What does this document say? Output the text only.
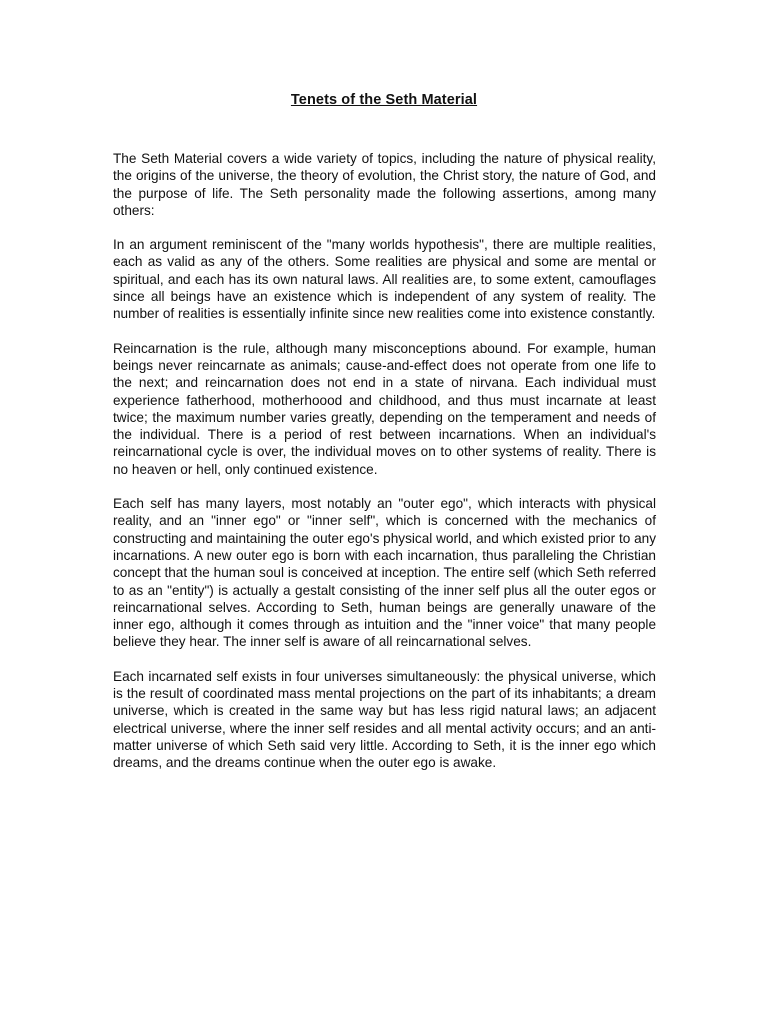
Tenets of the Seth Material

The Seth Material covers a wide variety of topics, including the nature of physical reality, the origins of the universe, the theory of evolution, the Christ story, the nature of God, and the purpose of life. The Seth personality made the following assertions, among many others:

In an argument reminiscent of the "many worlds hypothesis", there are multiple realities, each as valid as any of the others. Some realities are physical and some are mental or spiritual, and each has its own natural laws. All realities are, to some extent, camouflages since all beings have an existence which is independent of any system of reality. The number of realities is essentially infinite since new realities come into existence constantly.

Reincarnation is the rule, although many misconceptions abound. For example, human beings never reincarnate as animals; cause-and-effect does not operate from one life to the next; and reincarnation does not end in a state of nirvana. Each individual must experience fatherhood, motherhoood and childhood, and thus must incarnate at least twice; the maximum number varies greatly, depending on the temperament and needs of the individual. There is a period of rest between incarnations. When an individual's reincarnational cycle is over, the individual moves on to other systems of reality. There is no heaven or hell, only continued existence.

Each self has many layers, most notably an "outer ego", which interacts with physical reality, and an "inner ego" or "inner self", which is concerned with the mechanics of constructing and maintaining the outer ego's physical world, and which existed prior to any incarnations. A new outer ego is born with each incarnation, thus paralleling the Christian concept that the human soul is conceived at inception. The entire self (which Seth referred to as an "entity") is actually a gestalt consisting of the inner self plus all the outer egos or reincarnational selves. According to Seth, human beings are generally unaware of the inner ego, although it comes through as intuition and the "inner voice" that many people believe they hear. The inner self is aware of all reincarnational selves.

Each incarnated self exists in four universes simultaneously: the physical universe, which is the result of coordinated mass mental projections on the part of its inhabitants; a dream universe, which is created in the same way but has less rigid natural laws; an adjacent electrical universe, where the inner self resides and all mental activity occurs; and an anti-matter universe of which Seth said very little. According to Seth, it is the inner ego which dreams, and the dreams continue when the outer ego is awake.
